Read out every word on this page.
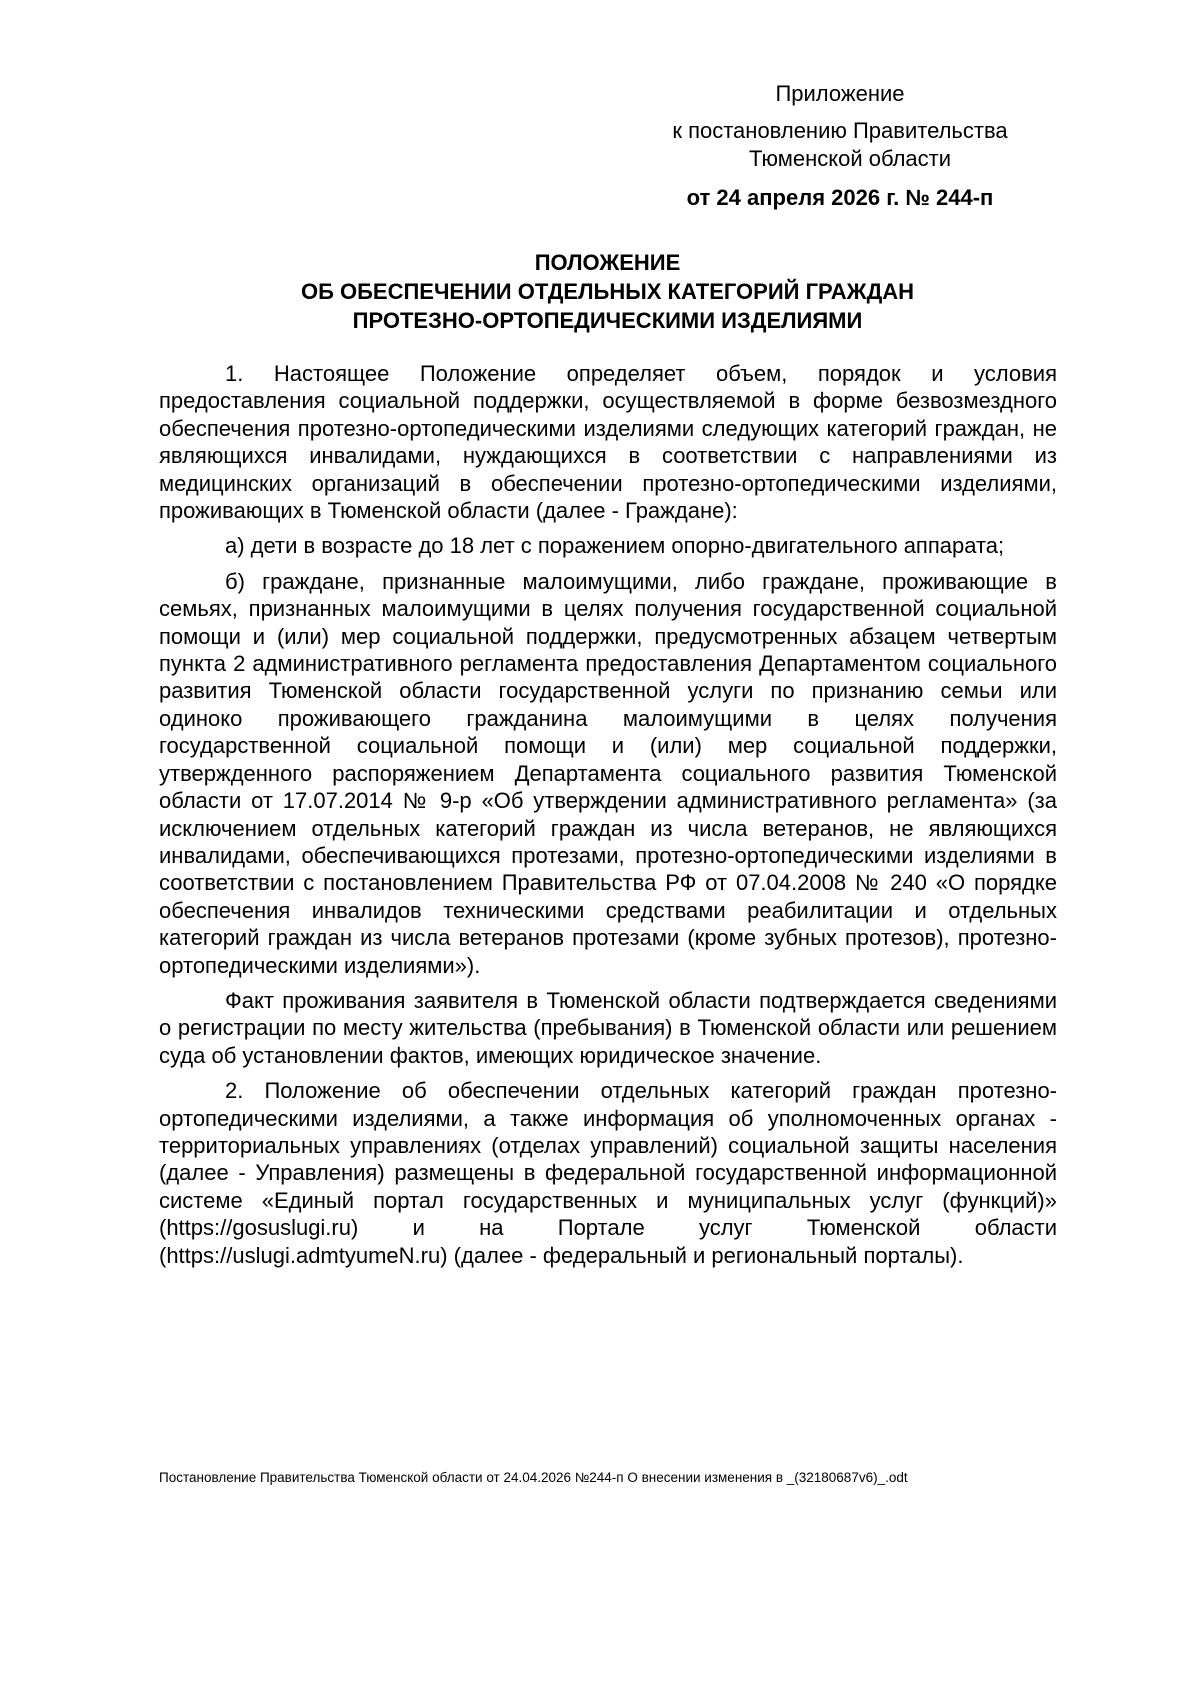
Приложение
к постановлению Правительства
Тюменской области
от 24 апреля 2026 г. № 244-п
ПОЛОЖЕНИЕ
ОБ ОБЕСПЕЧЕНИИ ОТДЕЛЬНЫХ КАТЕГОРИЙ ГРАЖДАН
ПРОТЕЗНО-ОРТОПЕДИЧЕСКИМИ ИЗДЕЛИЯМИ

1. Настоящее Положение определяет объем, порядок и условия предоставления социальной поддержки, осуществляемой в форме безвозмездного обеспечения протезно-ортопедическими изделиями следующих категорий граждан, не являющихся инвалидами, нуждающихся в соответствии с направлениями из медицинских организаций в обеспечении протезно-ортопедическими изделиями, проживающих в Тюменской области (далее - Граждане):

а) дети в возрасте до 18 лет с поражением опорно-двигательного аппарата;

б) граждане, признанные малоимущими, либо граждане, проживающие в семьях, признанных малоимущими в целях получения государственной социальной помощи и (или) мер социальной поддержки, предусмотренных абзацем четвертым пункта 2 административного регламента предоставления Департаментом социального развития Тюменской области государственной услуги по признанию семьи или одиноко проживающего гражданина малоимущими в целях получения государственной социальной помощи и (или) мер социальной поддержки, утвержденного распоряжением Департамента социального развития Тюменской области от 17.07.2014 № 9-р «Об утверждении административного регламента» (за исключением отдельных категорий граждан из числа ветеранов, не являющихся инвалидами, обеспечивающихся протезами, протезно-ортопедическими изделиями в соответствии с постановлением Правительства РФ от 07.04.2008 № 240 «О порядке обеспечения инвалидов техническими средствами реабилитации и отдельных категорий граждан из числа ветеранов протезами (кроме зубных протезов), протезно-ортопедическими изделиями»).

Факт проживания заявителя в Тюменской области подтверждается сведениями о регистрации по месту жительства (пребывания) в Тюменской области или решением суда об установлении фактов, имеющих юридическое значение.

2. Положение об обеспечении отдельных категорий граждан протезно-ортопедическими изделиями, а также информация об уполномоченных органах - территориальных управлениях (отделах управлений) социальной защиты населения (далее - Управления) размещены в федеральной государственной информационной системе «Единый портал государственных и муниципальных услуг (функций)» (https://gosuslugi.ru) и на Портале услуг Тюменской области (https://uslugi.admtyumeN.ru) (далее - федеральный и региональный порталы).

Постановление Правительства Тюменской области от 24.04.2026 №244-п О внесении изменения в _(32180687v6)_.odt
